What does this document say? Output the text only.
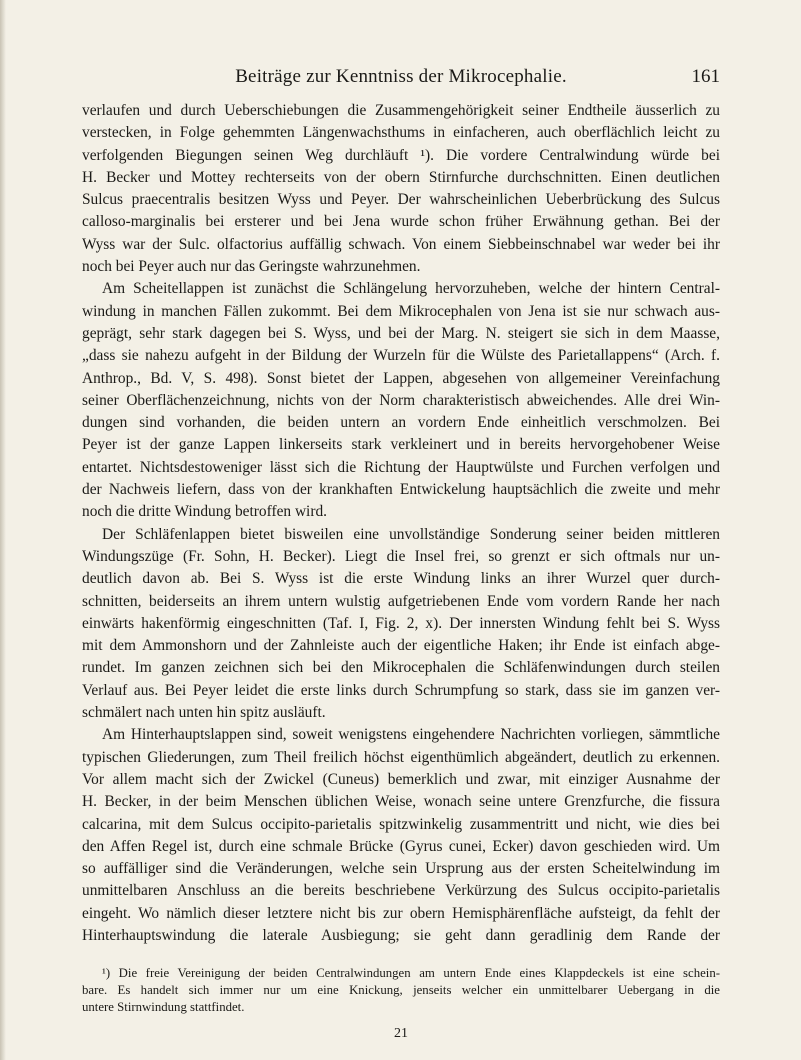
Beiträge zur Kenntniss der Mikrocephalie.	161
verlaufen und durch Ueberschiebungen die Zusammengehörigkeit seiner Endtheile äusserlich zu
verstecken, in Folge gehemmten Längenwachsthums in einfacheren, auch oberflächlich leicht zu
verfolgenden Biegungen seinen Weg durchläuft ¹). Die vordere Centralwindung würde bei
H. Becker und Mottey rechterseits von der obern Stirnfurche durchschnitten. Einen deutlichen
Sulcus praecentralis besitzen Wyss und Peyer. Der wahrscheinlichen Ueberbrückung des Sulcus
calloso-marginalis bei ersterer und bei Jena wurde schon früher Erwähnung gethan. Bei der
Wyss war der Sulc. olfactorius auffällig schwach. Von einem Siebbeinschnabel war weder bei ihr
noch bei Peyer auch nur das Geringste wahrzunehmen.
Am Scheitellappen ist zunächst die Schlängelung hervorzuheben, welche der hintern Central-
windung in manchen Fällen zukommt. Bei dem Mikrocephalen von Jena ist sie nur schwach aus-
geprägt, sehr stark dagegen bei S. Wyss, und bei der Marg. N. steigert sie sich in dem Maasse,
„dass sie nahezu aufgeht in der Bildung der Wurzeln für die Wülste des Parietallappens“ (Arch. f.
Anthrop., Bd. V, S. 498). Sonst bietet der Lappen, abgesehen von allgemeiner Vereinfachung
seiner Oberflächenzeichnung, nichts von der Norm charakteristisch abweichendes. Alle drei Win-
dungen sind vorhanden, die beiden untern an vordern Ende einheitlich verschmolzen. Bei
Peyer ist der ganze Lappen linkerseits stark verkleinert und in bereits hervorgehobener Weise
entartet. Nichtsdestoweniger lässt sich die Richtung der Hauptwülste und Furchen verfolgen und
der Nachweis liefern, dass von der krankhaften Entwickelung hauptsächlich die zweite und mehr
noch die dritte Windung betroffen wird.
Der Schläfenlappen bietet bisweilen eine unvollständige Sonderung seiner beiden mittleren
Windungszüge (Fr. Sohn, H. Becker). Liegt die Insel frei, so grenzt er sich oftmals nur un-
deutlich davon ab. Bei S. Wyss ist die erste Windung links an ihrer Wurzel quer durch-
schnitten, beiderseits an ihrem untern wulstig aufgetriebenen Ende vom vordern Rande her nach
einwärts hakenförmig eingeschnitten (Taf. I, Fig. 2, x). Der innersten Windung fehlt bei S. Wyss
mit dem Ammonshorn und der Zahnleiste auch der eigentliche Haken; ihr Ende ist einfach abge-
rundet. Im ganzen zeichnen sich bei den Mikrocephalen die Schläfenwindungen durch steilen
Verlauf aus. Bei Peyer leidet die erste links durch Schrumpfung so stark, dass sie im ganzen ver-
schmälert nach unten hin spitz ausläuft.
Am Hinterhauptslappen sind, soweit wenigstens eingehendere Nachrichten vorliegen, sämmtliche
typischen Gliederungen, zum Theil freilich höchst eigenthümlich abgeändert, deutlich zu erkennen.
Vor allem macht sich der Zwickel (Cuneus) bemerklich und zwar, mit einziger Ausnahme der
H. Becker, in der beim Menschen üblichen Weise, wonach seine untere Grenzfurche, die fissura
calcarina, mit dem Sulcus occipito-parietalis spitzwinkelig zusammentritt und nicht, wie dies bei
den Affen Regel ist, durch eine schmale Brücke (Gyrus cunei, Ecker) davon geschieden wird. Um
so auffälliger sind die Veränderungen, welche sein Ursprung aus der ersten Scheitelwindung im
unmittelbaren Anschluss an die bereits beschriebene Verkürzung des Sulcus occipito-parietalis
eingeht. Wo nämlich dieser letztere nicht bis zur obern Hemisphärenfläche aufsteigt, da fehlt der
Hinterhauptswindung die laterale Ausbiegung; sie geht dann geradlinig dem Rande der
¹) Die freie Vereinigung der beiden Centralwindungen am untern Ende eines Klappdeckels ist eine schein-
bare. Es handelt sich immer nur um eine Knickung, jenseits welcher ein unmittelbarer Uebergang in die
untere Stirnwindung stattfindet.
21
